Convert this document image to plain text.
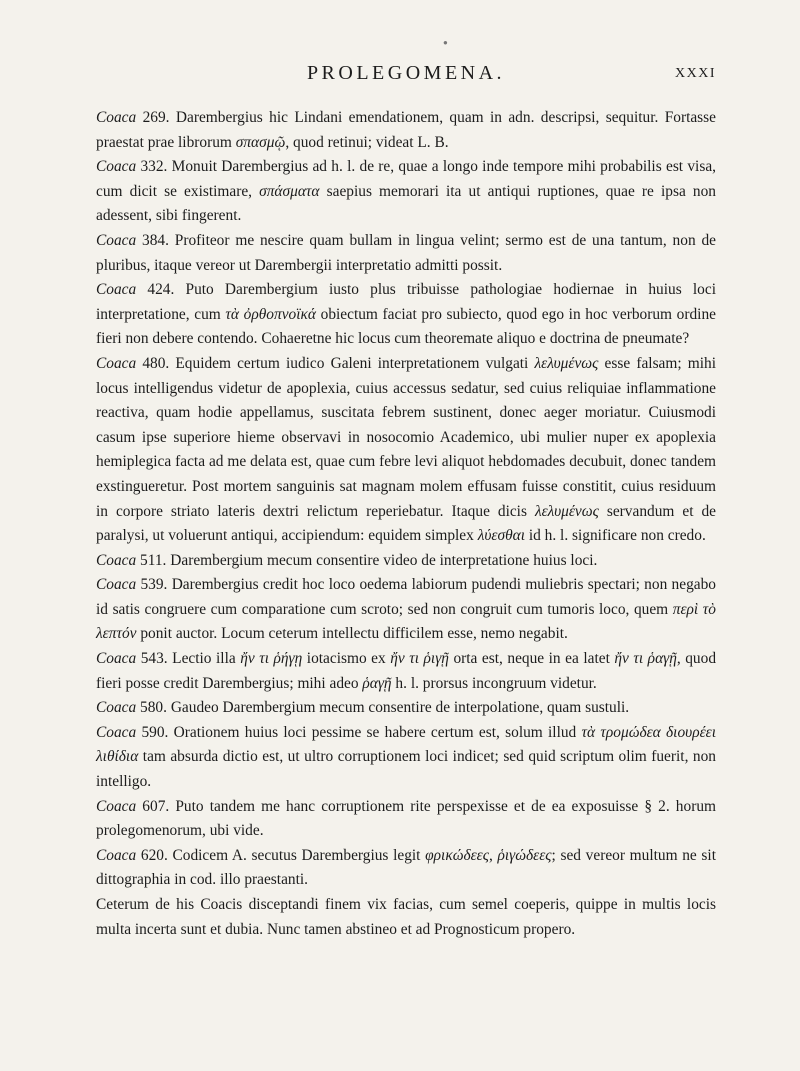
●
PROLEGOMENA.	XXXI

Coaca 269. Darembergius hic Lindani emendationem, quam in adn. descripsi, sequitur. Fortasse praestat prae librorum σπασμῷ, quod retinui; videat L. B.

Coaca 332. Monuit Darembergius ad h. l. de re, quae a longo inde tempore mihi probabilis est visa, cum dicit se existimare, σπάσματα saepius memorari ita ut antiqui ruptiones, quae re ipsa non adessent, sibi fingerent.

Coaca 384. Profiteor me nescire quam bullam in lingua velint; sermo est de una tantum, non de pluribus, itaque vereor ut Darembergii interpretatio admitti possit.

Coaca 424. Puto Darembergium iusto plus tribuisse pathologiae hodiernae in huius loci interpretatione, cum τὰ ὀρθοπνοϊκά obiectum faciat pro subiecto, quod ego in hoc verborum ordine fieri non debere contendo. Cohaeretne hic locus cum theoremate aliquo e doctrina de pneumate?

Coaca 480. Equidem certum iudico Galeni interpretationem vulgati λελυμένως esse falsam; mihi locus intelligendus videtur de apoplexia, cuius accessus sedatur, sed cuius reliquiae inflammatione reactiva, quam hodie appellamus, suscitata febrem sustinent, donec aeger moriatur. Cuiusmodi casum ipse superiore hieme observavi in nosocomio Academico, ubi mulier nuper ex apoplexia hemiplegica facta ad me delata est, quae cum febre levi aliquot hebdomades decubuit, donec tandem exstingueretur. Post mortem sanguinis sat magnam molem effusam fuisse constitit, cuius residuum in corpore striato lateris dextri relictum reperiebatur. Itaque dicis λελυμένως servandum et de paralysi, ut voluerunt antiqui, accipiendum: equidem simplex λύεσθαι id h. l. significare non credo.

Coaca 511. Darembergium mecum consentire video de interpretatione huius loci.

Coaca 539. Darembergius credit hoc loco oedema labiorum pudendi muliebris spectari; non negabo id satis congruere cum comparatione cum scroto; sed non congruit cum tumoris loco, quem περὶ τὸ λεπτόν ponit auctor. Locum ceterum intellectu difficilem esse, nemo negabit.

Coaca 543. Lectio illa ἤν τι ῥήγῃ iotacismo ex ἤν τι ῥιγῇ orta est, neque in ea latet ἤν τι ῥαγῇ, quod fieri posse credit Darembergius; mihi adeo ῥαγῇ h. l. prorsus incongruum videtur.

Coaca 580. Gaudeo Darembergium mecum consentire de interpolatione, quam sustuli.

Coaca 590. Orationem huius loci pessime se habere certum est, solum illud τὰ τρομώδεα διουρέει λιθίδια tam absurda dictio est, ut ultro corruptionem loci indicet; sed quid scriptum olim fuerit, non intelligo.

Coaca 607. Puto tandem me hanc corruptionem rite perspexisse et de ea exposuisse § 2. horum prolegomenorum, ubi vide.

Coaca 620. Codicem A. secutus Darembergius legit φρικώδεες, ῥιγώδεες; sed vereor multum ne sit dittographia in cod. illo praestanti.

Ceterum de his Coacis disceptandi finem vix facias, cum semel coeperis, quippe in multis locis multa incerta sunt et dubia. Nunc tamen abstineo et ad Prognosticum propero.
